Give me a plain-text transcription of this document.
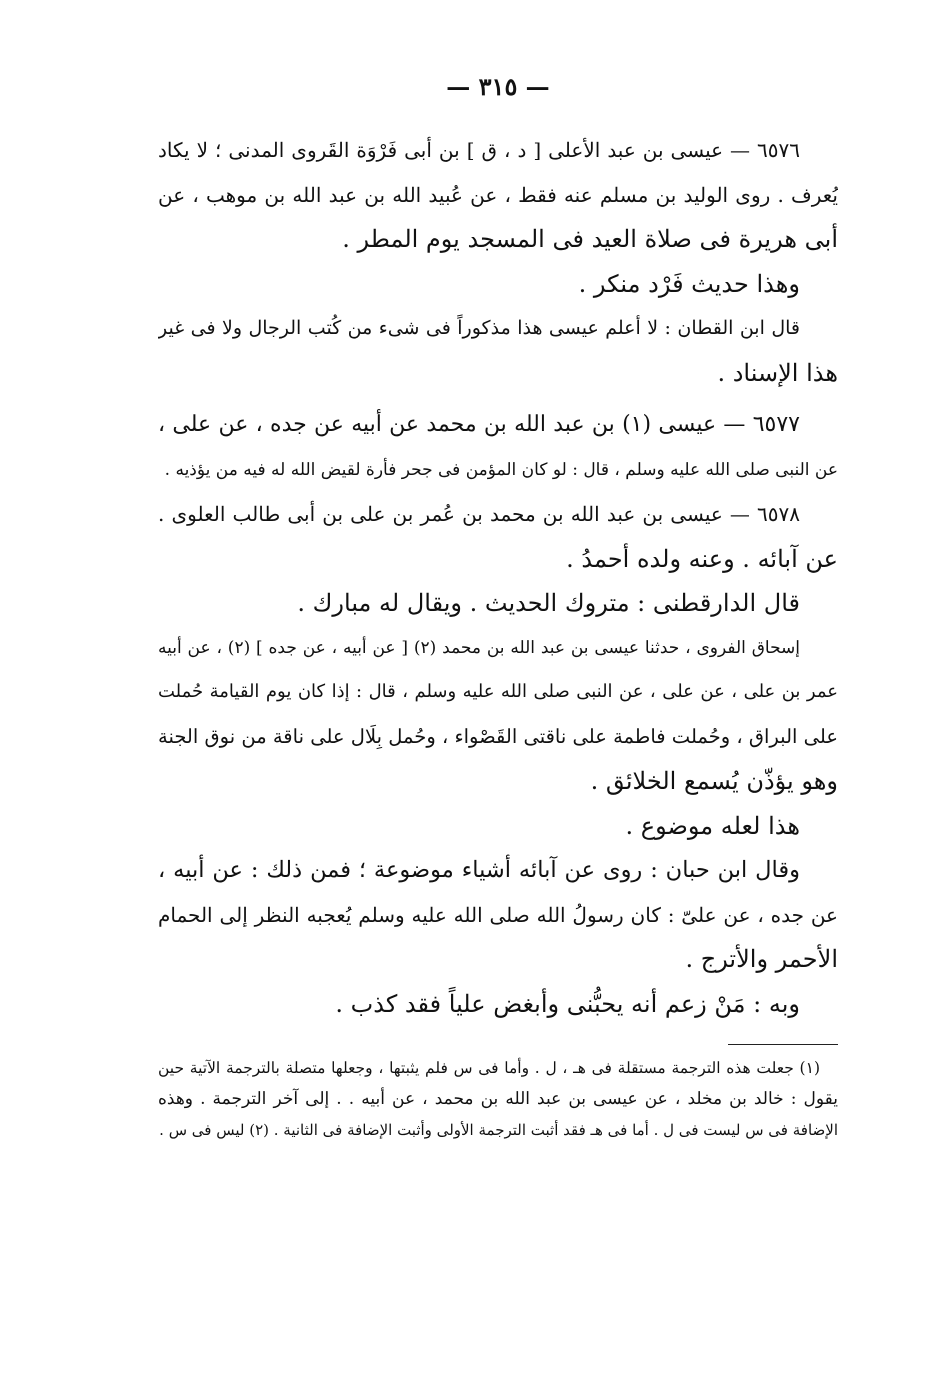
— ٣١٥ —
٦٥٧٦ — عيسى بن عبد الأعلى [ د ، ق ] بن أبى فَرْوَة القَروى المدنى ؛ لا يكاد
يُعرف . روى الوليد بن مسلم عنه فقط ، عن عُبيد الله بن عبد الله بن موهب ، عن
أبى هريرة فى صلاة العيد فى المسجد يوم المطر .
وهذا حديث فَرْد منكر .
قال ابن القطان : لا أعلم عيسى هذا مذكوراً فى شىء من كُتب الرجال ولا فى غير
هذا الإسناد .
٦٥٧٧ — عيسى (١) بن عبد الله بن محمد عن أبيه عن جده ، عن على ،
عن النبى صلى الله عليه وسلم ، قال : لو كان المؤمن فى جحر فأرة لقيض الله له فيه من يؤذيه .
٦٥٧٨ — عيسى بن عبد الله بن محمد بن عُمر بن على بن أبى طالب العلوى .
عن آبائه . وعنه ولده أحمدُ .
قال الدارقطنى : متروك الحديث . ويقال له مبارك .
إسحاق الفروى ، حدثنا عيسى بن عبد الله بن محمد (٢) [ عن أبيه ، عن جده ] (٢) ، عن أبيه
عمر بن على ، عن على ، عن النبى صلى الله عليه وسلم ، قال : إذا كان يوم القيامة حُملت
على البراق ، وحُملت فاطمة على ناقتى القَصْواء ، وحُمل بِلَال على ناقة من نوق الجنة
وهو يؤذّن يُسمع الخلائق .
هذا لعله موضوع .
وقال ابن حبان : روى عن آبائه أشياء موضوعة ؛ فمن ذلك : عن أبيه ،
عن جده ، عن علىّ : كان رسولُ الله صلى الله عليه وسلم يُعجبه النظر إلى الحمام
الأحمر والأترج .
وبه : مَنْ زعم أنه يحبُّنى وأبغض علياً فقد كذب .
(١) جعلت هذه الترجمة مستقلة فى هـ ، ل . وأما فى س فلم يثبتها ، وجعلها متصلة بالترجمة الآتية حين
يقول : خالد بن مخلد ، عن عيسى بن عبد الله بن محمد ، عن أبيه . . إلى آخر الترجمة . وهذه
الإضافة فى س ليست فى ل . أما فى هـ فقد أثبت الترجمة الأولى وأثبت الإضافة فى الثانية . (٢) ليس فى س .
